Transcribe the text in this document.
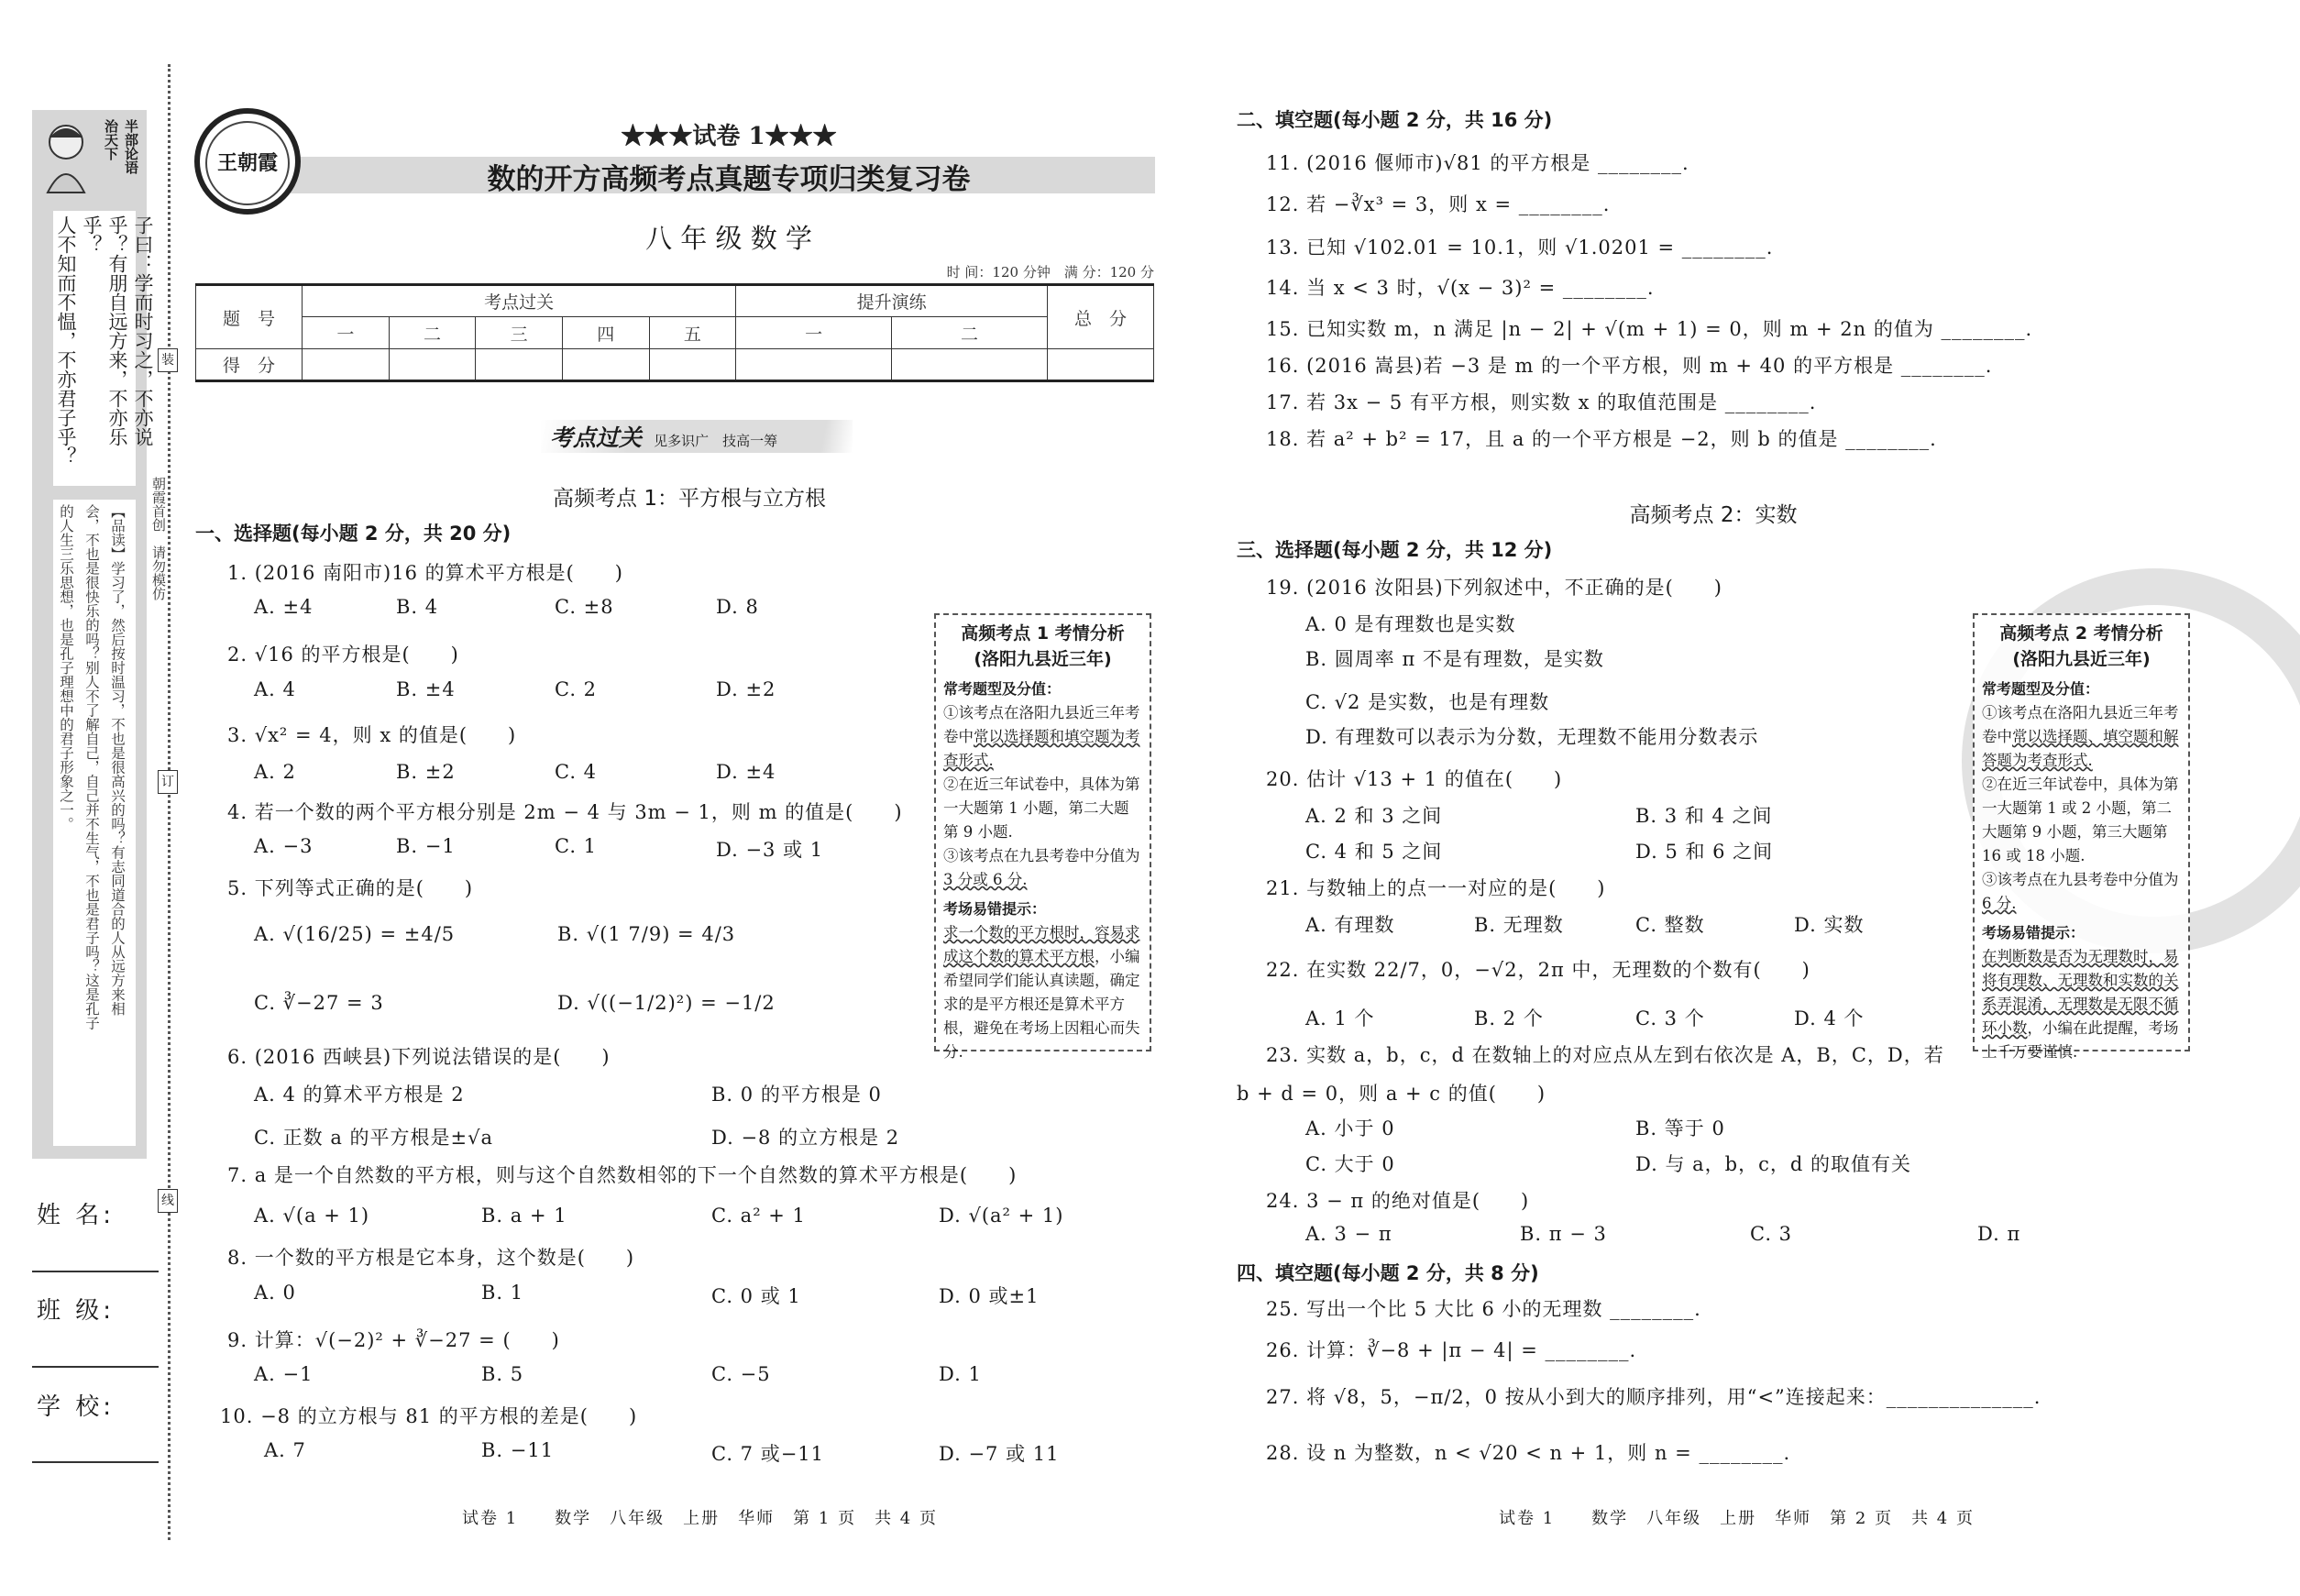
半部论语
治天下
子曰：学而时习之，不亦说
乎？有朋自远方来，不亦乐乎？
人不知而不愠，不亦君子乎？
【品读】学习了，然后按时温习，不也是很高兴的吗？有志同道合的人从远方来相
会，不也是很快乐的吗？别人不了解自己，自己并不生气，不也是君子吗？这是孔子
的人生三乐思想，也是孔子理想中的君子形象之一。
装
订
线
朝霞首创　请勿模仿
姓 名:
班 级:
学 校:
王朝霞
★★★试卷 1★★★
数的开方高频考点真题专项归类复习卷
八 年 级 数 学
时 间：120 分钟　满 分：120 分
题　号	考点过关					提升演练		总　分
	一	二	三	四	五	一	二	
得　分								
考点过关 见多识广　技高一筹
高频考点 1：平方根与立方根
一、选择题(每小题 2 分，共 20 分)
1. (2016 南阳市)16 的算术平方根是(　　)
A. ±4	B. 4	C. ±8	D. 8
2. √16 的平方根是(　　)
A. 4	B. ±4	C. 2	D. ±2
3. √x² = 4，则 x 的值是(　　)
A. 2	B. ±2	C. 4	D. ±4
4. 若一个数的两个平方根分别是 2m − 4 与 3m − 1，则 m 的值是(　　)
A. −3	B. −1	C. 1	D. −3 或 1
5. 下列等式正确的是(　　)
A. √(16/25) = ±4/5	B. √(1 7/9) = 4/3
C. ∛−27 = 3	D. √((−1/2)²) = −1/2
6. (2016 西峡县)下列说法错误的是(　　)
A. 4 的算术平方根是 2	B. 0 的平方根是 0
C. 正数 a 的平方根是±√a	D. −8 的立方根是 2
7. a 是一个自然数的平方根，则与这个自然数相邻的下一个自然数的算术平方根是(　　)
A. √(a + 1)	B. a + 1	C. a² + 1	D. √(a² + 1)
8. 一个数的平方根是它本身，这个数是(　　)
A. 0	B. 1	C. 0 或 1	D. 0 或±1
9. 计算：√(−2)² + ∛−27 = (　　)
A. −1	B. 5	C. −5	D. 1
10. −8 的立方根与 81 的平方根的差是(　　)
A. 7	B. −11	C. 7 或−11	D. −7 或 11
高频考点 1 考情分析
(洛阳九县近三年)
常考题型及分值：
①该考点在洛阳九县近三年考卷中常以选择题和填空题为考查形式.
②在近三年试卷中，具体为第一大题第 1 小题，第二大题第 9 小题.
③该考点在九县考卷中分值为 3 分或 6 分.
考场易错提示：
求一个数的平方根时，容易求成这个数的算术平方根，小编希望同学们能认真读题，确定求的是平方根还是算术平方根，避免在考场上因粗心而失分.
试卷 1　　数学　八年级　上册　华师　第 1 页　共 4 页
二、填空题(每小题 2 分，共 16 分)
11. (2016 偃师市)√81 的平方根是 ________.
12. 若 −∛x³ = 3，则 x = ________.
13. 已知 √102.01 = 10.1，则 √1.0201 = ________.
14. 当 x < 3 时，√(x − 3)² = ________.
15. 已知实数 m，n 满足 |n − 2| + √(m + 1) = 0，则 m + 2n 的值为 ________.
16. (2016 嵩县)若 −3 是 m 的一个平方根，则 m + 40 的平方根是 ________.
17. 若 3x − 5 有平方根，则实数 x 的取值范围是 ________.
18. 若 a² + b² = 17，且 a 的一个平方根是 −2，则 b 的值是 ________.
高频考点 2：实数
三、选择题(每小题 2 分，共 12 分)
19. (2016 汝阳县)下列叙述中，不正确的是(　　)
A. 0 是有理数也是实数
B. 圆周率 π 不是有理数，是实数
C. √2 是实数，也是有理数
D. 有理数可以表示为分数，无理数不能用分数表示
20. 估计 √13 + 1 的值在(　　)
A. 2 和 3 之间	B. 3 和 4 之间
C. 4 和 5 之间	D. 5 和 6 之间
21. 与数轴上的点一一对应的是(　　)
A. 有理数	B. 无理数	C. 整数	D. 实数
22. 在实数 22/7，0，−√2，2π 中，无理数的个数有(　　)
A. 1 个	B. 2 个	C. 3 个	D. 4 个
23. 实数 a，b，c，d 在数轴上的对应点从左到右依次是 A，B，C，D，若
b + d = 0，则 a + c 的值(　　)
A. 小于 0	B. 等于 0
C. 大于 0	D. 与 a，b，c，d 的取值有关
24. 3 − π 的绝对值是(　　)
A. 3 − π	B. π − 3	C. 3	D. π
四、填空题(每小题 2 分，共 8 分)
25. 写出一个比 5 大比 6 小的无理数 ________.
26. 计算：∛−8 + |π − 4| = ________.
27. 将 √8，5，−π/2，0 按从小到大的顺序排列，用“<”连接起来：______________.
28. 设 n 为整数，n < √20 < n + 1，则 n = ________.
高频考点 2 考情分析
(洛阳九县近三年)
常考题型及分值：
①该考点在洛阳九县近三年考卷中常以选择题、填空题和解答题为考查形式.
②在近三年试卷中，具体为第一大题第 1 或 2 小题，第二大题第 9 小题，第三大题第 16 或 18 小题.
③该考点在九县考卷中分值为 6 分.
考场易错提示：
在判断数是否为无理数时，易将有理数、无理数和实数的关系弄混淆，无理数是无限不循环小数，小编在此提醒，考场上千万要谨慎.
试卷 1　　数学　八年级　上册　华师　第 2 页　共 4 页
